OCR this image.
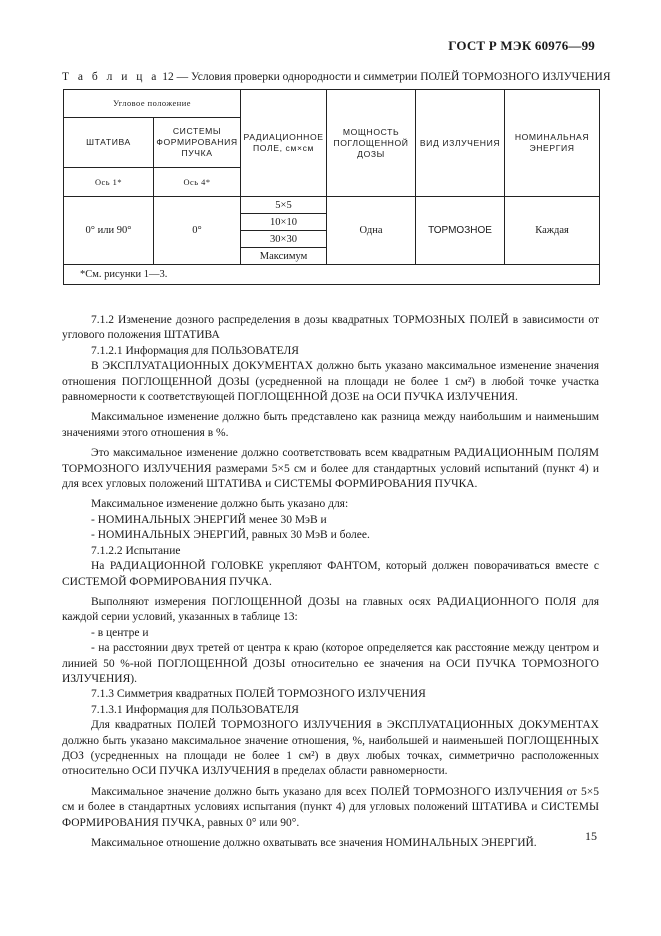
ГОСТ Р МЭК 60976—99
Т а б л и ц а 12 — Условия проверки однородности и симметрии ПОЛЕЙ ТОРМОЗНОГО ИЗЛУЧЕНИЯ
Угловое положение		РАДИАЦИОННОЕ ПОЛЕ, см×см	МОЩНОСТЬ ПОГЛОЩЕННОЙ ДОЗЫ	ВИД ИЗЛУЧЕНИЯ	НОМИНАЛЬНАЯ ЭНЕРГИЯ
ШТАТИВА	СИСТЕМЫ ФОРМИРОВАНИЯ ПУЧКА				
Ось 1*	Ось 4*				
0° или 90°	0°	5×5	Одна	ТОРМОЗНОЕ	Каждая
		10×10			
		30×30			
		Максимум			
*См. рисунки 1—3.					

7.1.2 Изменение дозного распределения в дозы квадратных ТОРМОЗНЫХ ПОЛЕЙ в зависимости от углового положения ШТАТИВА

7.1.2.1 Информация для ПОЛЬЗОВАТЕЛЯ

В ЭКСПЛУАТАЦИОННЫХ ДОКУМЕНТАХ должно быть указано максимальное изменение значения отношения ПОГЛОЩЕННОЙ ДОЗЫ (усредненной на площади не более 1 см²) в любой точке участка равномерности к соответствующей ПОГЛОЩЕННОЙ ДОЗЕ на ОСИ ПУЧКА ИЗЛУЧЕНИЯ.

Максимальное изменение должно быть представлено как разница между наибольшим и наименьшим значениями этого отношения в %.

Это максимальное изменение должно соответствовать всем квадратным РАДИАЦИОННЫМ ПОЛЯМ ТОРМОЗНОГО ИЗЛУЧЕНИЯ размерами 5×5 см и более для стандартных условий испытаний (пункт 4) и для всех угловых положений ШТАТИВА и СИСТЕМЫ ФОРМИРОВАНИЯ ПУЧКА.

Максимальное изменение должно быть указано для:

- НОМИНАЛЬНЫХ ЭНЕРГИЙ менее 30 МэВ и

- НОМИНАЛЬНЫХ ЭНЕРГИЙ, равных 30 МэВ и более.

7.1.2.2 Испытание

На РАДИАЦИОННОЙ ГОЛОВКЕ укрепляют ФАНТОМ, который должен поворачиваться вместе с СИСТЕМОЙ ФОРМИРОВАНИЯ ПУЧКА.

Выполняют измерения ПОГЛОЩЕННОЙ ДОЗЫ на главных осях РАДИАЦИОННОГО ПОЛЯ для каждой серии условий, указанных в таблице 13:

- в центре и

- на расстоянии двух третей от центра к краю (которое определяется как расстояние между центром и линией 50 %-ной ПОГЛОЩЕННОЙ ДОЗЫ относительно ее значения на ОСИ ПУЧКА ТОРМОЗНОГО ИЗЛУЧЕНИЯ).

7.1.3 Симметрия квадратных ПОЛЕЙ ТОРМОЗНОГО ИЗЛУЧЕНИЯ

7.1.3.1 Информация для ПОЛЬЗОВАТЕЛЯ

Для квадратных ПОЛЕЙ ТОРМОЗНОГО ИЗЛУЧЕНИЯ в ЭКСПЛУАТАЦИОННЫХ ДОКУМЕНТАХ должно быть указано максимальное значение отношения, %, наибольшей и наименьшей ПОГЛОЩЕННЫХ ДОЗ (усредненных на площади не более 1 см²) в двух любых точках, симметрично расположенных относительно ОСИ ПУЧКА ИЗЛУЧЕНИЯ в пределах области равномерности.

Максимальное значение должно быть указано для всех ПОЛЕЙ ТОРМОЗНОГО ИЗЛУЧЕНИЯ от 5×5 см и более в стандартных условиях испытания (пункт 4) для угловых положений ШТАТИВА и СИСТЕМЫ ФОРМИРОВАНИЯ ПУЧКА, равных 0° или 90°.

Максимальное отношение должно охватывать все значения НОМИНАЛЬНЫХ ЭНЕРГИЙ.	15
